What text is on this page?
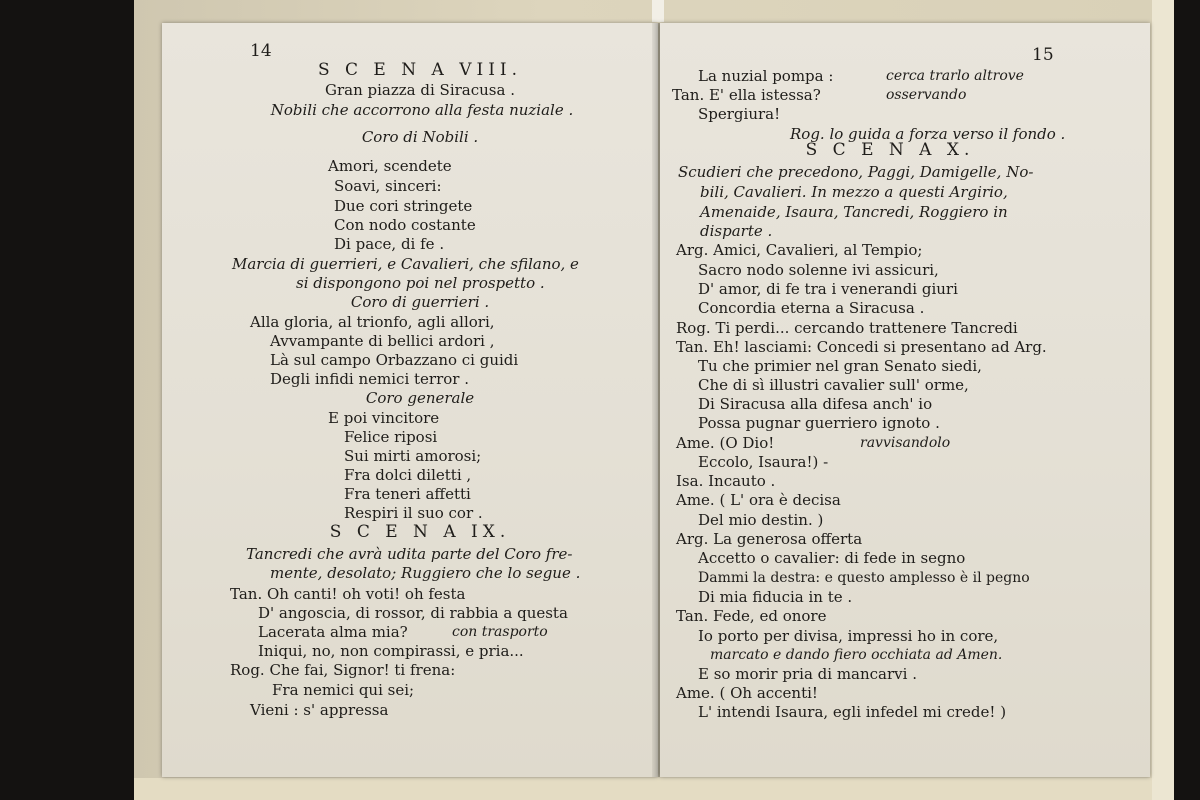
14
S C E N A VIII.
Gran piazza di Siracusa .
Nobili che accorrono alla festa nuziale .
Coro di Nobili .
Amori, scendete
Soavi, sinceri:
Due cori stringete
Con nodo costante
Di pace, di fe .
Marcia di guerrieri, e Cavalieri, che sfilano, e
si dispongono poi nel prospetto .
Coro di guerrieri .
Alla gloria, al trionfo, agli allori,
Avvampante di bellici ardori ,
Là sul campo Orbazzano ci guidi
Degli infidi nemici terror .
Coro generale
E poi vincitore
Felice riposi
Sui mirti amorosi;
Fra dolci diletti ,
Fra teneri affetti
Respiri il suo cor .
S C E N A IX.
Tancredi che avrà udita parte del Coro fre-
mente, desolato; Ruggiero che lo segue .
Tan. Oh canti! oh voti! oh festa
D' angoscia, di rossor, di rabbia a questa
Lacerata alma mia?	con trasporto
Iniqui, no, non compirassi, e pria...
Rog. Che fai, Signor! ti frena:
Fra nemici qui sei;
Vieni : s' appressa
15
La nuzial pompa :	cerca trarlo altrove
Tan. E' ella istessa?	osservando
Spergiura!
Rog. lo guida a forza verso il fondo .
S C E N A X.
Scudieri che precedono, Paggi, Damigelle, No-
bili, Cavalieri. In mezzo a questi Argirio,
Amenaide, Isaura, Tancredi, Roggiero in
disparte .
Arg. Amici, Cavalieri, al Tempio;
Sacro nodo solenne ivi assicuri,
D' amor, di fe tra i venerandi giuri
Concordia eterna a Siracusa .
Rog. Ti perdi... cercando trattenere Tancredi
Tan. Eh! lasciami: Concedi si presentano ad Arg.
Tu che primier nel gran Senato siedi,
Che di sì illustri cavalier sull' orme,
Di Siracusa alla difesa anch' io
Possa pugnar guerriero ignoto .
Ame. (O Dio!	ravvisandolo
Eccolo, Isaura!) -
Isa. Incauto .
Ame. ( L' ora è decisa
Del mio destin. )
Arg. La generosa offerta
Accetto o cavalier: di fede in segno
Dammi la destra: e questo amplesso è il pegno
Di mia fiducia in te .
Tan. Fede, ed onore
Io porto per divisa, impressi ho in core,
marcato e dando fiero occhiata ad Amen.
E so morir pria di mancarvi .
Ame. ( Oh accenti!
L' intendi Isaura, egli infedel mi crede! )
